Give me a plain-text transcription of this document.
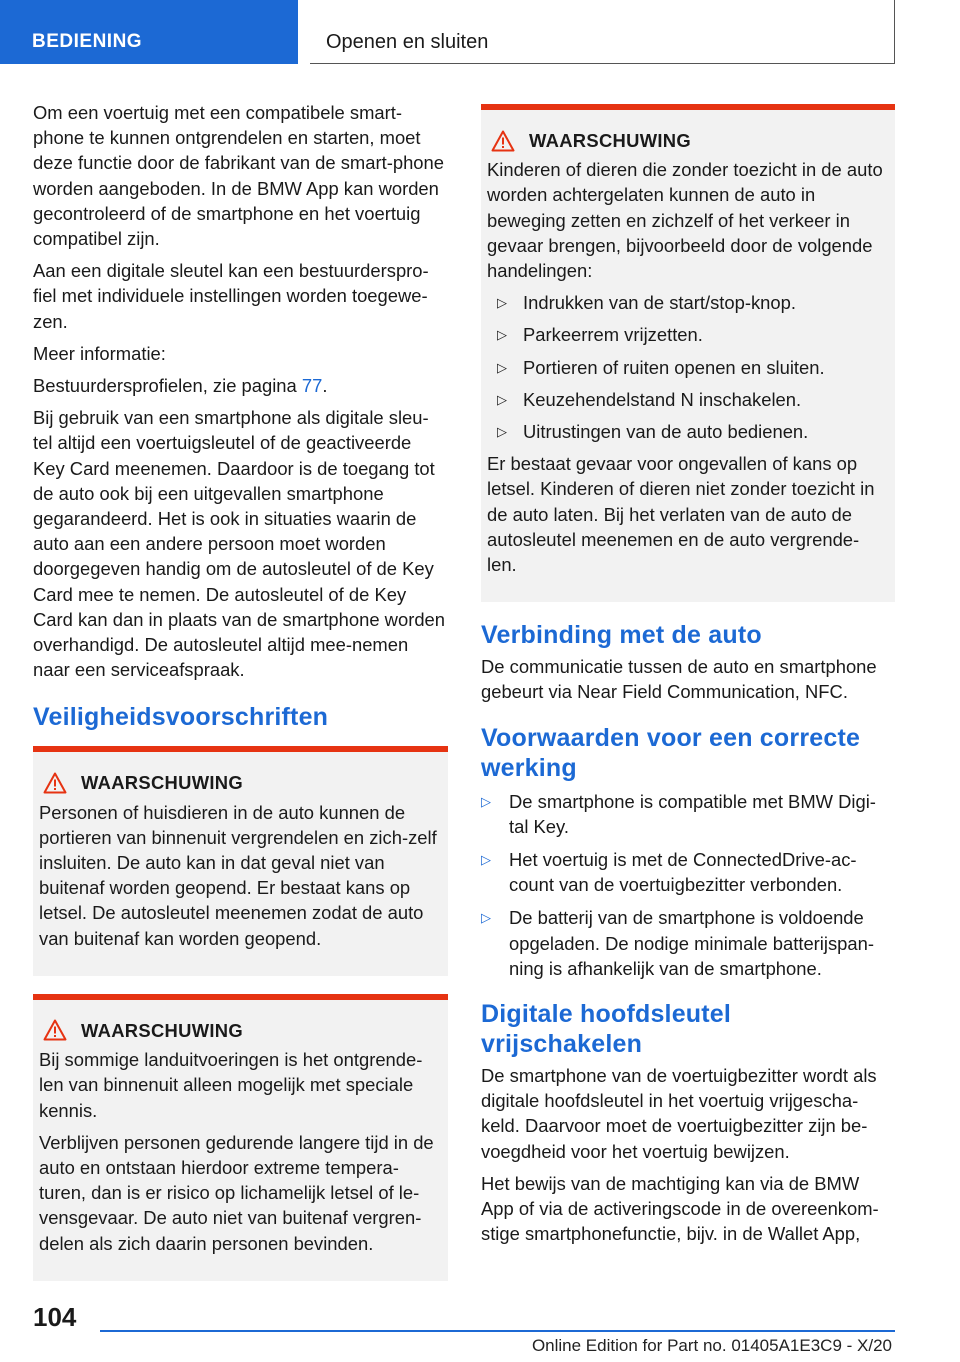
BEDIENING	Openen en sluiten

Om een voertuig met een compatibele smart‐phone te kunnen ontgrendelen en starten, moet deze functie door de fabrikant van de smart‐phone worden aangeboden. In de BMW App kan worden gecontroleerd of de smartphone en het voertuig compatibel zijn.

Aan een digitale sleutel kan een bestuurderspro‐fiel met individuele instellingen worden toegewe‐zen.

Meer informatie:

Bestuurdersprofielen, zie pagina 77.

Bij gebruik van een smartphone als digitale sleu‐tel altijd een voertuigsleutel of de geactiveerde Key Card meenemen. Daardoor is de toegang tot de auto ook bij een uitgevallen smartphone gegarandeerd. Het is ook in situaties waarin de auto aan een andere persoon moet worden doorgegeven handig om de autosleutel of de Key Card mee te nemen. De autosleutel of de Key Card kan dan in plaats van de smartphone worden overhandigd. De autosleutel altijd mee‐nemen naar een serviceafspraak.

Veiligheidsvoorschriften
WAARSCHUWING

Personen of huisdieren in de auto kunnen de portieren van binnenuit vergrendelen en zich‐zelf insluiten. De auto kan in dat geval niet van buitenaf worden geopend. Er bestaat kans op letsel. De autosleutel meenemen zodat de auto van buitenaf kan worden geopend.

WAARSCHUWING

Bij sommige landuitvoeringen is het ontgrende‐len van binnenuit alleen mogelijk met speciale kennis.

Verblijven personen gedurende langere tijd in de auto en ontstaan hierdoor extreme tempera‐turen, dan is er risico op lichamelijk letsel of le‐vensgevaar. De auto niet van buitenaf vergren‐delen als zich daarin personen bevinden.

WAARSCHUWING

Kinderen of dieren die zonder toezicht in de auto worden achtergelaten kunnen de auto in beweging zetten en zichzelf of het verkeer in gevaar brengen, bijvoorbeeld door de volgende handelingen:

▷ Indrukken van de start/stop-knop.
▷ Parkeerrem vrijzetten.
▷ Portieren of ruiten openen en sluiten.
▷ Keuzehendelstand N inschakelen.
▷ Uitrustingen van de auto bedienen.

Er bestaat gevaar voor ongevallen of kans op letsel. Kinderen of dieren niet zonder toezicht in de auto laten. Bij het verlaten van de auto de autosleutel meenemen en de auto vergrende‐len.

Verbinding met de auto

De communicatie tussen de auto en smartphone gebeurt via Near Field Communication, NFC.

Voorwaarden voor een correcte werking
▷ De smartphone is compatible met BMW Digi‐tal Key.
▷ Het voertuig is met de ConnectedDrive-ac‐count van de voertuigbezitter verbonden.
▷ De batterij van de smartphone is voldoende opgeladen. De nodige minimale batterijspan‐ning is afhankelijk van de smartphone.
Digitale hoofdsleutel vrijschakelen

De smartphone van de voertuigbezitter wordt als digitale hoofdsleutel in het voertuig vrijgescha‐keld. Daarvoor moet de voertuigbezitter zijn be‐voegdheid voor het voertuig bewijzen.

Het bewijs van de machtiging kan via de BMW App of via de activeringscode in de overeenkom‐stige smartphonefunctie, bijv. in de Wallet App,

104
Online Edition for Part no. 01405A1E3C9 - X/20
